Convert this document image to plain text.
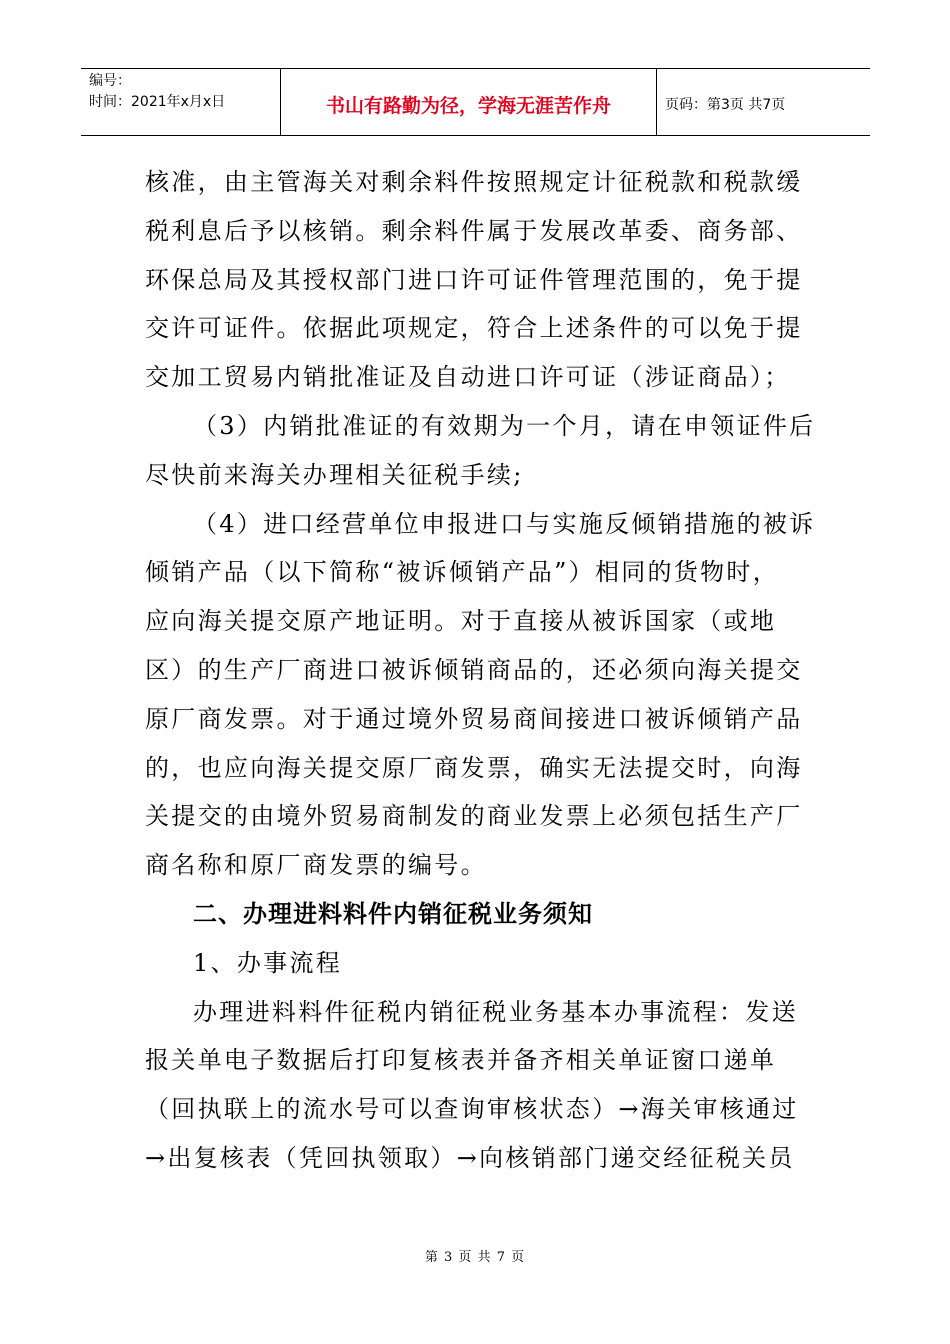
编号：
时间：2021年x月x日	书山有路勤为径，学海无涯苦作舟	页码：第3页 共7页
核准，由主管海关对剩余料件按照规定计征税款和税款缓
税利息后予以核销。剩余料件属于发展改革委、商务部、
环保总局及其授权部门进口许可证件管理范围的，免于提
交许可证件。依据此项规定，符合上述条件的可以免于提
交加工贸易内销批准证及自动进口许可证（涉证商品）；
（3）内销批准证的有效期为一个月，请在申领证件后
尽快前来海关办理相关征税手续;
（4）进口经营单位申报进口与实施反倾销措施的被诉
倾销产品（以下简称“被诉倾销产品”）相同的货物时，
应向海关提交原产地证明。对于直接从被诉国家（或地
区）的生产厂商进口被诉倾销商品的，还必须向海关提交
原厂商发票。对于通过境外贸易商间接进口被诉倾销产品
的，也应向海关提交原厂商发票，确实无法提交时，向海
关提交的由境外贸易商制发的商业发票上必须包括生产厂
商名称和原厂商发票的编号。
二、办理进料料件内销征税业务须知
1、办事流程
办理进料料件征税内销征税业务基本办事流程：发送
报关单电子数据后打印复核表并备齐相关单证窗口递单
（回执联上的流水号可以查询审核状态）→海关审核通过
→出复核表（凭回执领取）→向核销部门递交经征税关员
第 3 页 共 7 页
